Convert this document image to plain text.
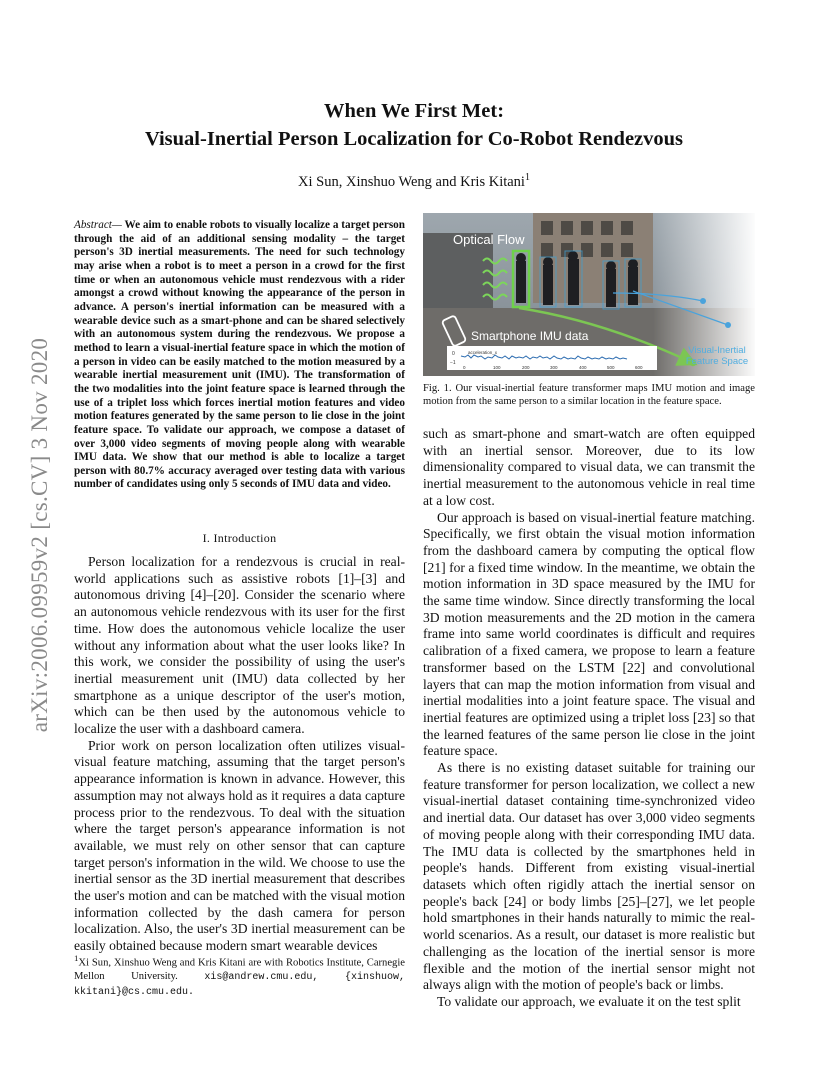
arXiv:2006.09959v2 [cs.CV] 3 Nov 2020
When We First Met:
Visual-Inertial Person Localization for Co-Robot Rendezvous
Xi Sun, Xinshuo Weng and Kris Kitani$^1$
Abstract— We aim to enable robots to visually localize a target person through the aid of an additional sensing modality – the target person's 3D inertial measurements. The need for such technology may arise when a robot is to meet a person in a crowd for the first time or when an autonomous vehicle must rendezvous with a rider amongst a crowd without knowing the appearance of the person in advance. A person's inertial information can be measured with a wearable device such as a smart-phone and can be shared selectively with an autonomous system during the rendezvous. We propose a method to learn a visual-inertial feature space in which the motion of a person in video can be easily matched to the motion measured by a wearable inertial measurement unit (IMU). The transformation of the two modalities into the joint feature space is learned through the use of a triplet loss which forces inertial motion features and video motion features generated by the same person to lie close in the joint feature space. To validate our approach, we compose a dataset of over 3,000 video segments of moving people along with wearable IMU data. We show that our method is able to localize a target person with 80.7% accuracy averaged over testing data with various number of candidates using only 5 seconds of IMU data and video.
I. Introduction

Person localization for a rendezvous is crucial in real-world applications such as assistive robots [1]–[3] and autonomous driving [4]–[20]. Consider the scenario where an autonomous vehicle rendezvous with its user for the first time. How does the autonomous vehicle localize the user without any information about what the user looks like? In this work, we consider the possibility of using the user's inertial measurement unit (IMU) data collected by her smartphone as a unique descriptor of the user's motion, which can be then used by the autonomous vehicle to localize the user with a dashboard camera.

Prior work on person localization often utilizes visual-visual feature matching, assuming that the target person's appearance information is known in advance. However, this assumption may not always hold as it requires a data capture process prior to the rendezvous. To deal with the situation where the target person's appearance information is not available, we must rely on other sensor that can capture target person's information in the wild. We choose to use the inertial sensor as the 3D inertial measurement that describes the user's motion and can be matched with the visual motion information collected by the dash camera for person localization. Also, the user's 3D inertial measurement can be easily obtained because modern smart wearable devices

$^1$Xi Sun, Xinshuo Weng and Kris Kitani are with Robotics Institute, Carnegie Mellon University.	xis@andrew.cmu.edu,	{xinshuow, kkitani}@cs.cmu.edu.
Optical Flow
Smartphone IMU data
0
−1
acceleration_x
0	100	200	300	400	500	600
Visual-Inertial Feature Space
Fig. 1. Our visual-inertial feature transformer maps IMU motion and image motion from the same person to a similar location in the feature space.

such as smart-phone and smart-watch are often equipped with an inertial sensor. Moreover, due to its low dimensionality compared to visual data, we can transmit the inertial measurement to the autonomous vehicle in real time at a low cost.

Our approach is based on visual-inertial feature matching. Specifically, we first obtain the visual motion information from the dashboard camera by computing the optical flow [21] for a fixed time window. In the meantime, we obtain the motion information in 3D space measured by the IMU for the same time window. Since directly transforming the local 3D motion measurements and the 2D motion in the camera frame into same world coordinates is difficult and requires calibration of a fixed camera, we propose to learn a feature transformer based on the LSTM [22] and convolutional layers that can map the motion information from visual and inertial modalities into a joint feature space. The visual and inertial features are optimized using a triplet loss [23] so that the learned features of the same person lie close in the joint feature space.

As there is no existing dataset suitable for training our feature transformer for person localization, we collect a new visual-inertial dataset containing time-synchronized video and inertial data. Our dataset has over 3,000 video segments of moving people along with their corresponding IMU data. The IMU data is collected by the smartphones held in people's hands. Different from existing visual-inertial datasets which often rigidly attach the inertial sensor on people's back [24] or body limbs [25]–[27], we let people hold smartphones in their hands naturally to mimic the real-world scenarios. As a result, our dataset is more realistic but challenging as the location of the inertial sensor is more flexible and the motion of the inertial sensor might not always align with the motion of people's back or limbs.

To validate our approach, we evaluate it on the test split
